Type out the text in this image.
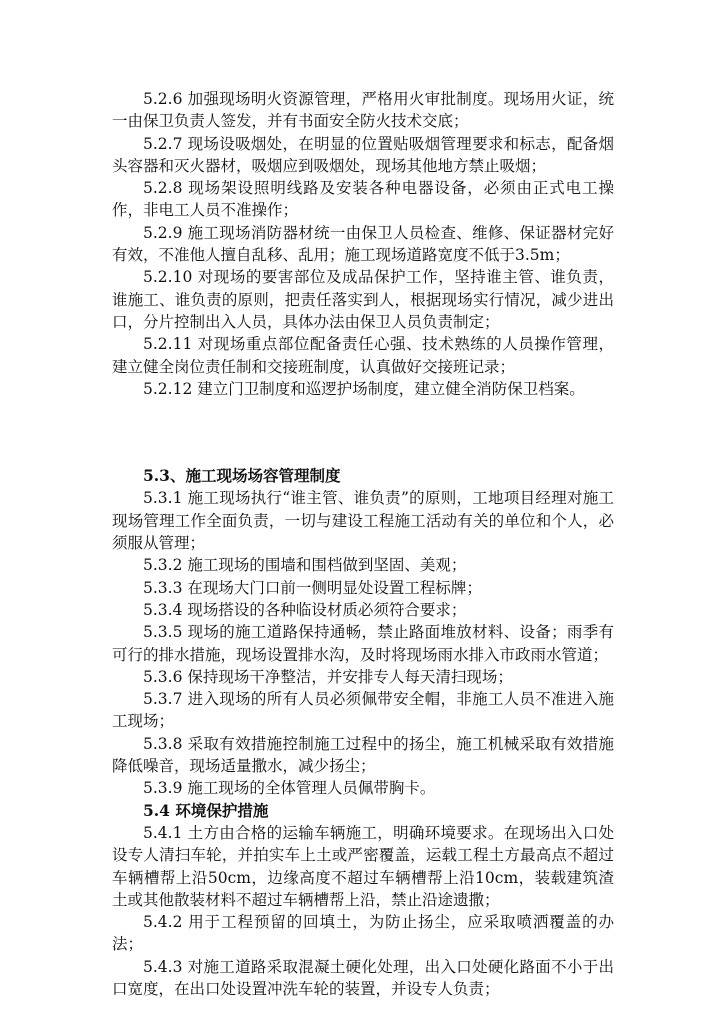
5.2.6 加强现场明火资源管理，严格用火审批制度。现场用火证，统一由保卫负责人签发，并有书面安全防火技术交底；

5.2.7 现场设吸烟处，在明显的位置贴吸烟管理要求和标志，配备烟头容器和灭火器材，吸烟应到吸烟处，现场其他地方禁止吸烟；

5.2.8 现场架设照明线路及安装各种电器设备，必须由正式电工操作，非电工人员不准操作；

5.2.9 施工现场消防器材统一由保卫人员检查、维修、保证器材完好有效，不准他人擅自乱移、乱用；施工现场道路宽度不低于3.5m；

5.2.10 对现场的要害部位及成品保护工作，坚持谁主管、谁负责，谁施工、谁负责的原则，把责任落实到人，根据现场实行情况，减少进出口，分片控制出入人员，具体办法由保卫人员负责制定；

5.2.11 对现场重点部位配备责任心强、技术熟练的人员操作管理，建立健全岗位责任制和交接班制度，认真做好交接班记录；

5.2.12 建立门卫制度和巡逻护场制度，建立健全消防保卫档案。

5.3、施工现场场容管理制度

5.3.1 施工现场执行“谁主管、谁负责”的原则，工地项目经理对施工现场管理工作全面负责，一切与建设工程施工活动有关的单位和个人，必须服从管理；

5.3.2 施工现场的围墙和围档做到坚固、美观；

5.3.3 在现场大门口前一侧明显处设置工程标牌；

5.3.4 现场搭设的各种临设材质必须符合要求；

5.3.5 现场的施工道路保持通畅，禁止路面堆放材料、设备；雨季有可行的排水措施，现场设置排水沟，及时将现场雨水排入市政雨水管道；

5.3.6 保持现场干净整洁，并安排专人每天清扫现场；

5.3.7 进入现场的所有人员必须佩带安全帽，非施工人员不准进入施工现场；

5.3.8 采取有效措施控制施工过程中的扬尘，施工机械采取有效措施降低噪音，现场适量撒水，减少扬尘；

5.3.9 施工现场的全体管理人员佩带胸卡。

5.4 环境保护措施

5.4.1 土方由合格的运输车辆施工，明确环境要求。在现场出入口处设专人清扫车轮，并拍实车上土或严密覆盖，运载工程土方最高点不超过车辆槽帮上沿50cm，边缘高度不超过车辆槽帮上沿10cm，装载建筑渣土或其他散装材料不超过车辆槽帮上沿，禁止沿途遗撒；

5.4.2 用于工程预留的回填土，为防止扬尘，应采取喷洒覆盖的办法；

5.4.3 对施工道路采取混凝土硬化处理，出入口处硬化路面不小于出口宽度，在出口处设置冲洗车轮的装置，并设专人负责；
